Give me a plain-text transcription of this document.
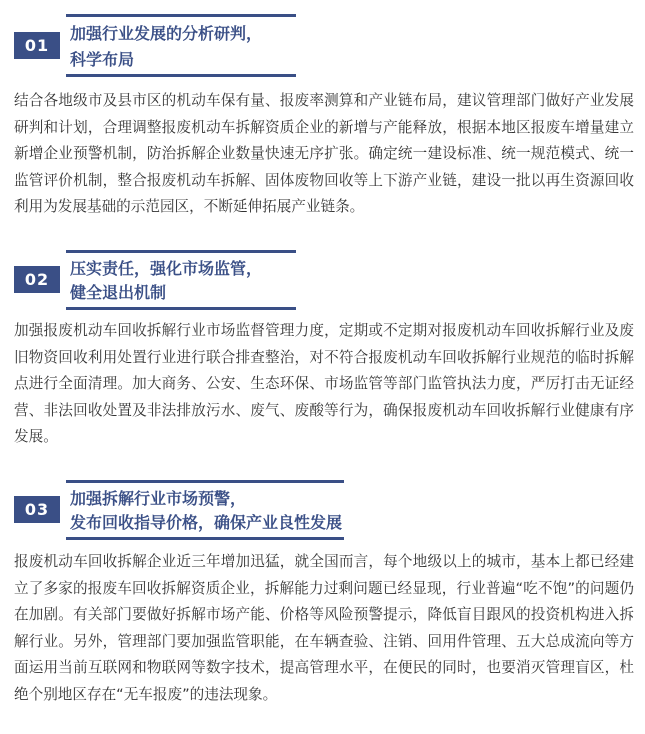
01
加强行业发展的分析研判，
科学布局

结合各地级市及县市区的机动车保有量、报废率测算和产业链布局，建议管理部门做好产业发展研判和计划，合理调整报废机动车拆解资质企业的新增与产能释放，根据本地区报废车增量建立新增企业预警机制，防治拆解企业数量快速无序扩张。确定统一建设标准、统一规范模式、统一监管评价机制，整合报废机动车拆解、固体废物回收等上下游产业链，建设一批以再生资源回收利用为发展基础的示范园区，不断延伸拓展产业链条。

02
压实责任，强化市场监管，
健全退出机制

加强报废机动车回收拆解行业市场监督管理力度，定期或不定期对报废机动车回收拆解行业及废旧物资回收利用处置行业进行联合排查整治，对不符合报废机动车回收拆解行业规范的临时拆解点进行全面清理。加大商务、公安、生态环保、市场监管等部门监管执法力度，严厉打击无证经营、非法回收处置及非法排放污水、废气、废酸等行为，确保报废机动车回收拆解行业健康有序发展。

03
加强拆解行业市场预警，
发布回收指导价格，确保产业良性发展

报废机动车回收拆解企业近三年增加迅猛，就全国而言，每个地级以上的城市，基本上都已经建立了多家的报废车回收拆解资质企业，拆解能力过剩问题已经显现，行业普遍“吃不饱”的问题仍在加剧。有关部门要做好拆解市场产能、价格等风险预警提示，降低盲目跟风的投资机构进入拆解行业。另外，管理部门要加强监管职能，在车辆查验、注销、回用件管理、五大总成流向等方面运用当前互联网和物联网等数字技术，提高管理水平，在便民的同时，也要消灭管理盲区，杜绝个别地区存在“无车报废”的违法现象。
